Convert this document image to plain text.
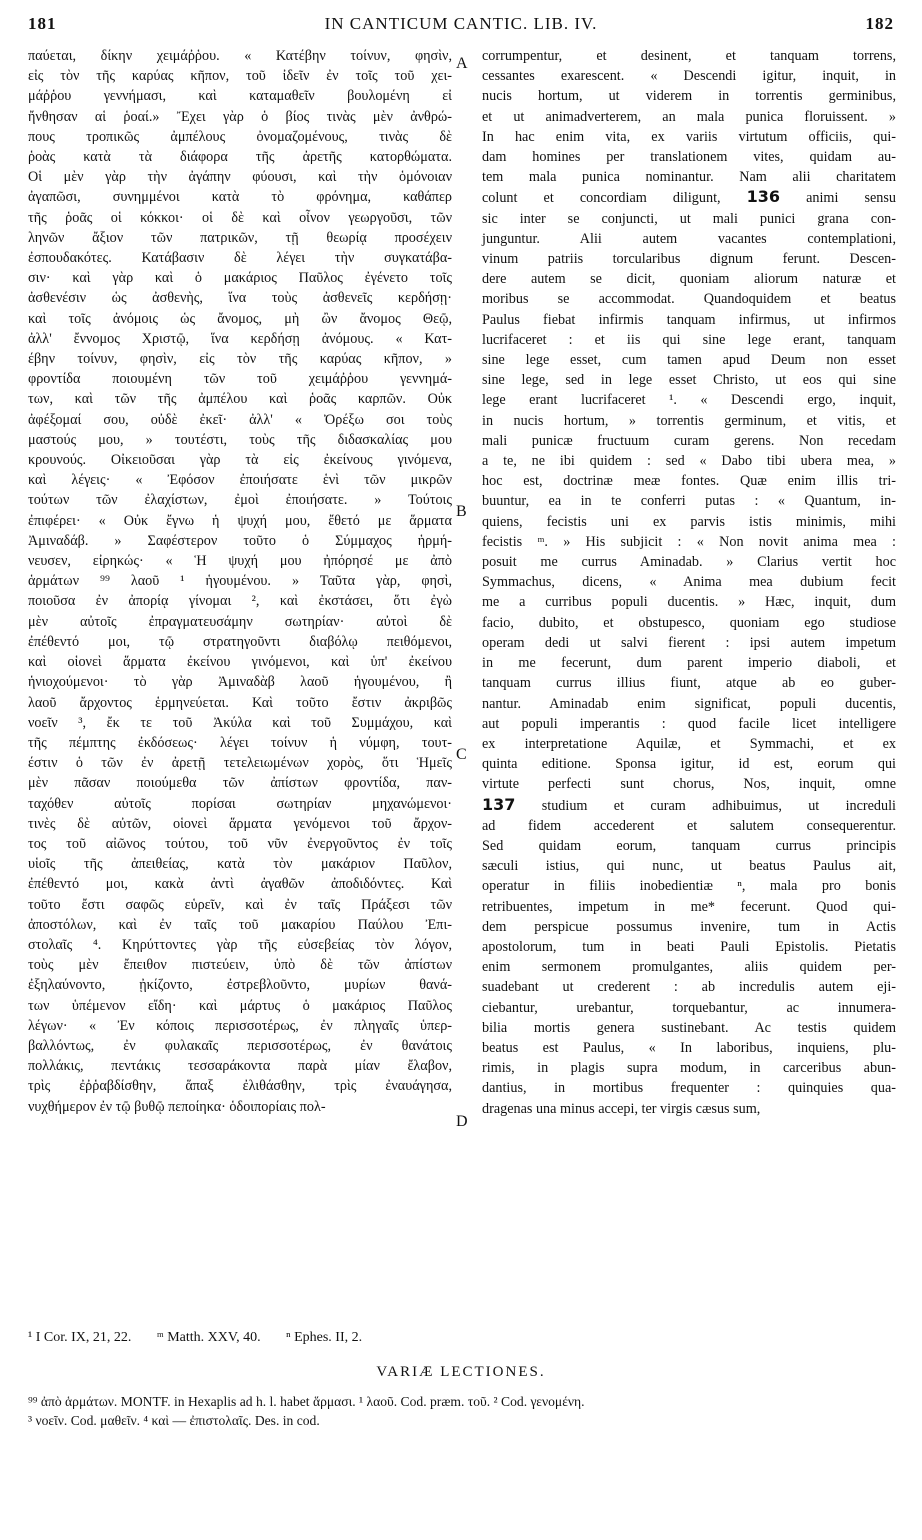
181	IN CANTICUM CANTIC. LIB. IV.	182
παύεται, δίκην χειμάῤῥου. « Κατέβην τοίνυν, φησὶν,
εἰς τὸν τῆς καρύας κῆπον, τοῦ ἰδεῖν ἐν τοῖς τοῦ χει-
μάῤῥου γεννήμασι, καὶ καταμαθεῖν βουλομένη εἰ
ἤνθησαν αἱ ῥοαί.» Ἔχει γὰρ ὁ βίος τινὰς μὲν ἀνθρώ-
πους τροπικῶς ἀμπέλους ὀνομαζομένους, τινὰς δὲ
ῥοὰς κατὰ τὰ διάφορα τῆς ἀρετῆς κατορθώματα.
Οἱ μὲν γὰρ τὴν ἀγάπην φύουσι, καὶ τὴν ὁμόνοιαν
ἀγαπῶσι, συνημμένοι κατὰ τὸ φρόνημα, καθάπερ
τῆς ῥοᾶς οἱ κόκκοι· οἱ δὲ καὶ οἶνον γεωργοῦσι, τῶν
ληνῶν ἄξιον τῶν πατρικῶν, τῇ θεωρίᾳ προσέχειν
ἐσπουδακότες. Κατάβασιν δὲ λέγει τὴν συγκατάβα-
σιν· καὶ γὰρ καὶ ὁ μακάριος Παῦλος ἐγένετο τοῖς
ἀσθενέσιν ὡς ἀσθενὴς, ἵνα τοὺς ἀσθενεῖς κερδήσῃ·
καὶ τοῖς ἀνόμοις ὡς ἄνομος, μὴ ὢν ἄνομος Θεῷ,
ἀλλ' ἔννομος Χριστῷ, ἵνα κερδήσῃ ἀνόμους. « Κατ-
έβην τοίνυν, φησὶν, εἰς τὸν τῆς καρύας κῆπον, »
φροντίδα ποιουμένη τῶν τοῦ χειμάῤῥου γεννημά-
των, καὶ τῶν τῆς ἀμπέλου καὶ ῥοᾶς καρπῶν. Οὐκ
ἀφέξομαί σου, οὐδὲ ἐκεῖ· ἀλλ' « Ὀρέξω σοι τοὺς
μαστούς μου, » τουτέστι, τοὺς τῆς διδασκαλίας μου
κρουνούς. Οἰκειοῦσαι γὰρ τὰ εἰς ἐκείνους γινόμενα,
καὶ λέγεις· « Ἐφόσον ἐποιήσατε ἑνὶ τῶν μικρῶν
τούτων τῶν ἐλαχίστων, ἐμοὶ ἐποιήσατε. » Τούτοις
ἐπιφέρει· « Οὐκ ἔγνω ἡ ψυχή μου, ἔθετό με ἅρματα
Ἀμιναδάβ. » Σαφέστερον τοῦτο ὁ Σύμμαχος ἡρμή-
νευσεν, εἰρηκώς· « Ἡ ψυχή μου ἠπόρησέ με ἀπὸ
ἁρμάτων ⁹⁹ λαοῦ ¹ ἡγουμένου. » Ταῦτα γὰρ, φησὶ,
ποιοῦσα ἐν ἀπορίᾳ γίνομαι ², καὶ ἐκστάσει, ὅτι ἐγὼ
μὲν αὐτοῖς ἐπραγματευσάμην σωτηρίαν· αὐτοὶ δὲ
ἐπέθεντό μοι, τῷ στρατηγοῦντι διαβόλῳ πειθόμενοι,
καὶ οἱονεὶ ἅρματα ἐκείνου γινόμενοι, καὶ ὑπ' ἐκείνου
ἡνιοχούμενοι· τὸ γὰρ Ἀμιναδὰβ λαοῦ ἡγουμένου, ἢ
λαοῦ ἄρχοντος ἑρμηνεύεται. Καὶ τοῦτο ἔστιν ἀκριβῶς
νοεῖν ³, ἔκ τε τοῦ Ἀκύλα καὶ τοῦ Συμμάχου, καὶ
τῆς πέμπτης ἐκδόσεως· λέγει τοίνυν ἡ νύμφη, τουτ-
έστιν ὁ τῶν ἐν ἀρετῇ τετελειωμένων χορὸς, ὅτι Ἡμεῖς
μὲν πᾶσαν ποιούμεθα τῶν ἀπίστων φροντίδα, παν-
ταχόθεν αὐτοῖς πορίσαι σωτηρίαν μηχανώμενοι·
τινὲς δὲ αὐτῶν, οἱονεὶ ἅρματα γενόμενοι τοῦ ἄρχον-
τος τοῦ αἰῶνος τούτου, τοῦ νῦν ἐνεργοῦντος ἐν τοῖς
υἱοῖς τῆς ἀπειθείας, κατὰ τὸν μακάριον Παῦλον,
ἐπέθεντό μοι, κακὰ ἀντὶ ἀγαθῶν ἀποδιδόντες. Καὶ
τοῦτο ἔστι σαφῶς εὑρεῖν, καὶ ἐν ταῖς Πράξεσι τῶν
ἀποστόλων, καὶ ἐν ταῖς τοῦ μακαρίου Παύλου Ἐπι-
στολαῖς ⁴. Κηρύττοντες γὰρ τῆς εὐσεβείας τὸν λόγον,
τοὺς μὲν ἔπειθον πιστεύειν, ὑπὸ δὲ τῶν ἀπίστων
ἐξηλαύνοντο, ᾐκίζοντο, ἐστρεβλοῦντο, μυρίων θανά-
των ὑπέμενον εἴδη· καὶ μάρτυς ὁ μακάριος Παῦλος
λέγων· « Ἐν κόποις περισσοτέρως, ἐν πληγαῖς ὑπερ-
βαλλόντως, ἐν φυλακαῖς περισσοτέρως, ἐν θανάτοις
πολλάκις, πεντάκις τεσσαράκοντα παρὰ μίαν ἔλαβον,
τρὶς ἐῤῥαβδίσθην, ἅπαξ ἐλιθάσθην, τρὶς ἐναυάγησα,
νυχθήμερον ἐν τῷ βυθῷ πεποίηκα· ὁδοιπορίαις πολ-
corrumpentur, et desinent, et tanquam torrens,
cessantes exarescent. « Descendi igitur, inquit, in
nucis hortum, ut viderem in torrentis germinibus,
et ut animadverterem, an mala punica floruissent. »
In hac enim vita, ex variis virtutum officiis, qui-
dam homines per translationem vites, quidam au-
tem mala punica nominantur. Nam alii charitatem
colunt et concordiam diligunt, 136 animi sensu
sic inter se conjuncti, ut mali punici grana con-
junguntur. Alii autem vacantes contemplationi,
vinum patriis torcularibus dignum ferunt. Descen-
dere autem se dicit, quoniam aliorum naturæ et
moribus se accommodat. Quandoquidem et beatus
Paulus fiebat infirmis tanquam infirmus, ut infirmos
lucrifaceret : et iis qui sine lege erant, tanquam
sine lege esset, cum tamen apud Deum non esset
sine lege, sed in lege esset Christo, ut eos qui sine
lege erant lucrifaceret ¹. « Descendi ergo, inquit,
in nucis hortum, » torrentis germinum, et vitis, et
mali punicæ fructuum curam gerens. Non recedam
a te, ne ibi quidem : sed « Dabo tibi ubera mea, »
hoc est, doctrinæ meæ fontes. Quæ enim illis tri-
buuntur, ea in te conferri putas : « Quantum, in-
quiens, fecistis uni ex parvis istis minimis, mihi
fecistis ᵐ. » His subjicit : « Non novit anima mea :
posuit me currus Aminadab. » Clarius vertit hoc
Symmachus, dicens, « Anima mea dubium fecit
me a curribus populi ducentis. » Hæc, inquit, dum
facio, dubito, et obstupesco, quoniam ego studiose
operam dedi ut salvi fierent : ipsi autem impetum
in me fecerunt, dum parent imperio diaboli, et
tanquam currus illius fiunt, atque ab eo guber-
nantur. Aminadab enim significat, populi ducentis,
aut populi imperantis : quod facile licet intelligere
ex interpretatione Aquilæ, et Symmachi, et ex
quinta editione. Sponsa igitur, id est, eorum qui
virtute perfecti sunt chorus, Nos, inquit, omne
137 studium et curam adhibuimus, ut increduli
ad fidem accederent et salutem consequerentur.
Sed quidam eorum, tanquam currus principis
sæculi istius, qui nunc, ut beatus Paulus ait,
operatur in filiis inobedientiæ ⁿ, mala pro bonis
retribuentes, impetum in me* fecerunt. Quod qui-
dem perspicue possumus invenire, tum in Actis
apostolorum, tum in beati Pauli Epistolis. Pietatis
enim sermonem promulgantes, aliis quidem per-
suadebant ut crederent : ab incredulis autem eji-
ciebantur, urebantur, torquebantur, ac innumera-
bilia mortis genera sustinebant. Ac testis quidem
beatus est Paulus, « In laboribus, inquiens, plu-
rimis, in plagis supra modum, in carceribus abun-
dantius, in mortibus frequenter : quinquies qua-
dragenas una minus accepi, ter virgis cæsus sum,
A
B
C
D
¹ I Cor. IX, 21, 22. ᵐ Matth. XXV, 40. ⁿ Ephes. II, 2.
VARIÆ LECTIONES.

⁹⁹ ἀπὸ ἁρμάτων. MONTF. in Hexaplis ad h. l. habet ἅρμασι. ¹ λαοῦ. Cod. præm. τοῦ. ² Cod. γενομένη.

³ νοεῖν. Cod. μαθεῖν. ⁴ καὶ — ἐπιστολαῖς. Des. in cod.
